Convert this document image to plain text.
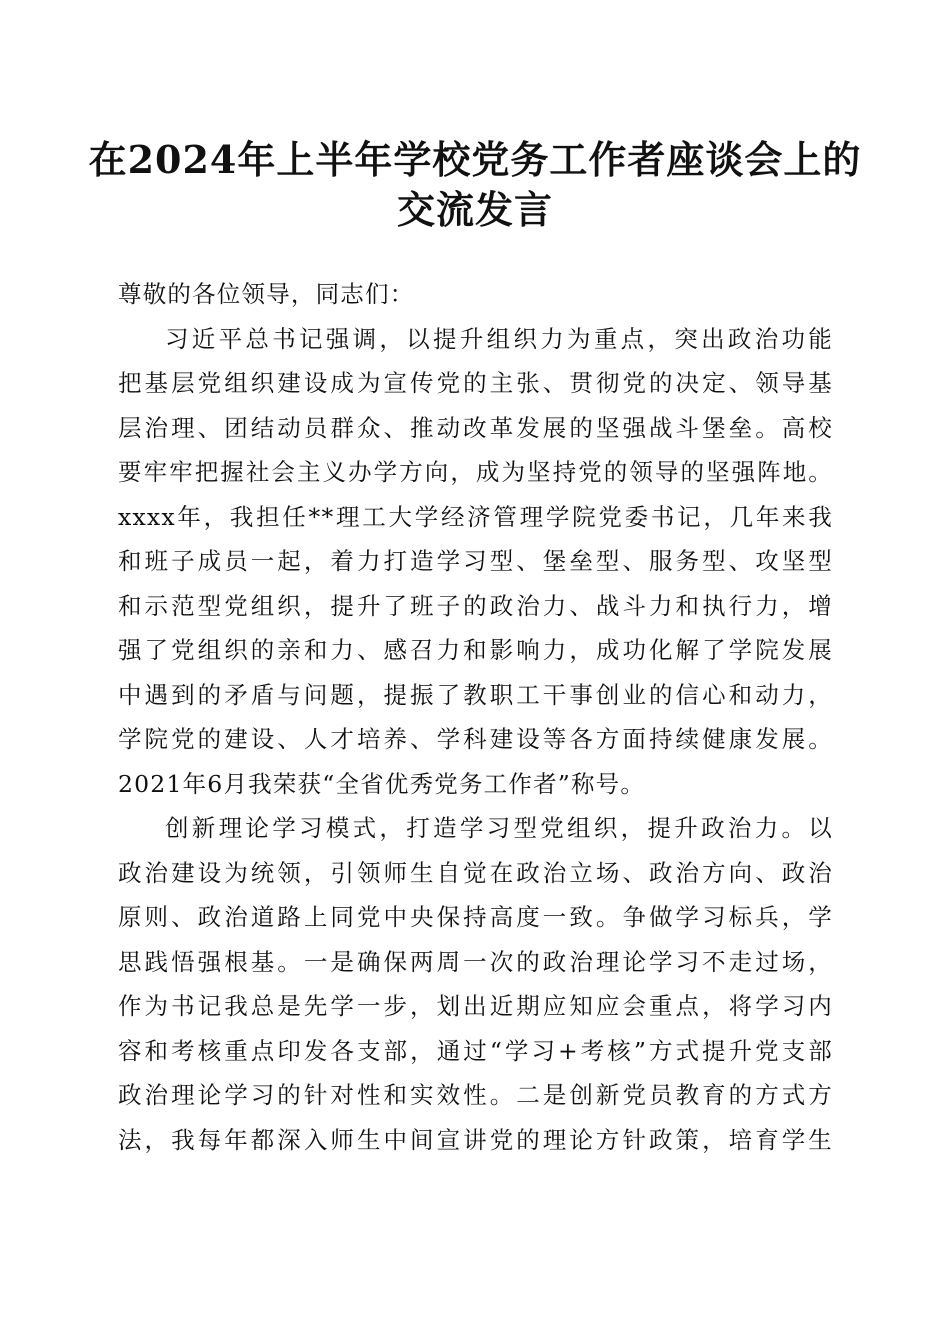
在2024年上半年学校党务工作者座谈会上的
交流发言
尊敬的各位领导，同志们：
习近平总书记强调，以提升组织力为重点，突出政治功能
把基层党组织建设成为宣传党的主张、贯彻党的决定、领导基
层治理、团结动员群众、推动改革发展的坚强战斗堡垒。高校
要牢牢把握社会主义办学方向，成为坚持党的领导的坚强阵地。
xxxx年，我担任**理工大学经济管理学院党委书记，几年来我
和班子成员一起，着力打造学习型、堡垒型、服务型、攻坚型
和示范型党组织，提升了班子的政治力、战斗力和执行力，增
强了党组织的亲和力、感召力和影响力，成功化解了学院发展
中遇到的矛盾与问题，提振了教职工干事创业的信心和动力，
学院党的建设、人才培养、学科建设等各方面持续健康发展。
2021年6月我荣获“全省优秀党务工作者”称号。
创新理论学习模式，打造学习型党组织，提升政治力。以
政治建设为统领，引领师生自觉在政治立场、政治方向、政治
原则、政治道路上同党中央保持高度一致。争做学习标兵，学
思践悟强根基。一是确保两周一次的政治理论学习不走过场，
作为书记我总是先学一步，划出近期应知应会重点，将学习内
容和考核重点印发各支部，通过“学习+考核”方式提升党支部
政治理论学习的针对性和实效性。二是创新党员教育的方式方
法，我每年都深入师生中间宣讲党的理论方针政策，培育学生
